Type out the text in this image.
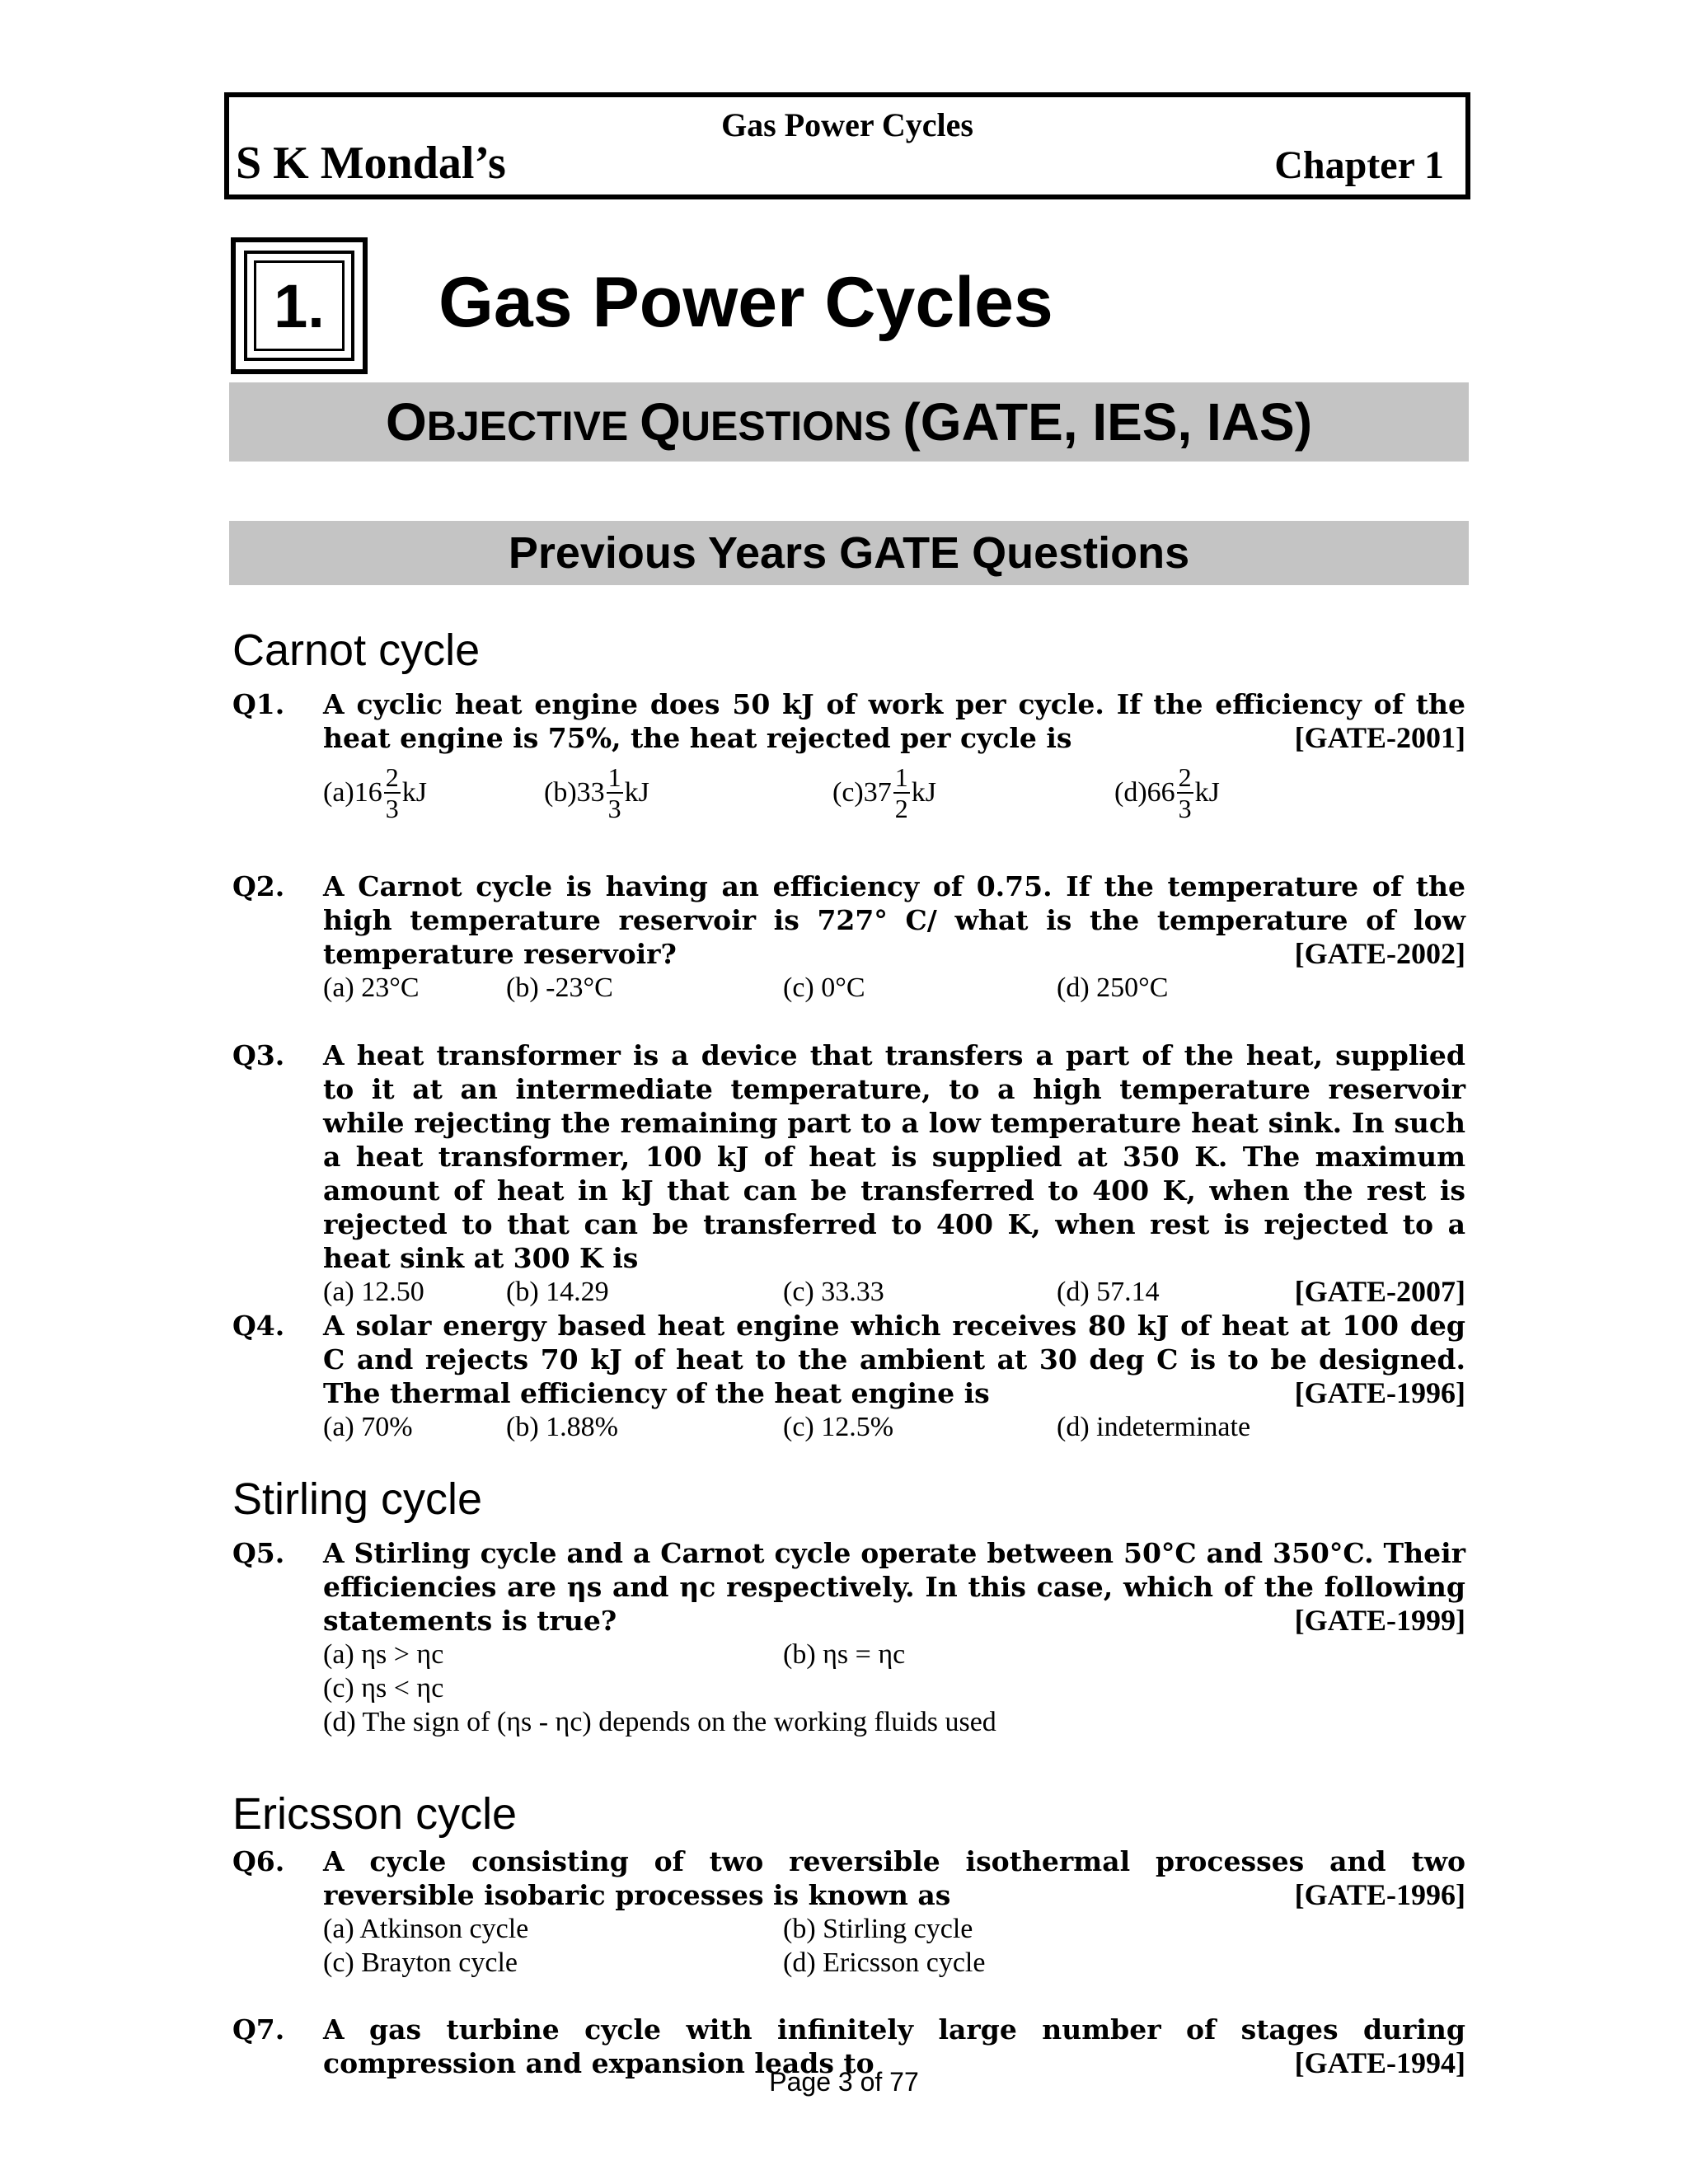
Gas Power Cycles
S K Mondal’s	Chapter 1
1. Gas Power Cycles
OBJECTIVE QUESTIONS (GATE, IES, IAS)
Previous Years GATE Questions
Carnot cycle
Q1. A cyclic heat engine does 50 kJ of work per cycle. If the efficiency of the heat engine is 75%, the heat rejected per cycle is	[GATE-2001]
$(a)16 \frac{2}{3}$ kJ	$(b)33 \frac{1}{3}$ kJ	$(c)37 \frac{1}{2}$ kJ	$(d)66 \frac{2}{3}$ kJ
Q2. A Carnot cycle is having an efficiency of 0.75. If the temperature of the high temperature reservoir is 727° C/ what is the temperature of low temperature reservoir?	[GATE-2002]
(a) 23°C	(b) -23°C	(c) 0°C	(d) 250°C
Q3. A heat transformer is a device that transfers a part of the heat, supplied to it at an intermediate temperature, to a high temperature reservoir while rejecting the remaining part to a low temperature heat sink. In such a heat transformer, 100 kJ of heat is supplied at 350 K. The maximum amount of heat in kJ that can be transferred to 400 K, when the rest is rejected to that can be transferred to 400 K, when rest is rejected to a heat sink at 300 K is
(a) 12.50	(b) 14.29	(c) 33.33	(d) 57.14	[GATE-2007]
Q4. A solar energy based heat engine which receives 80 kJ of heat at 100 deg C and rejects 70 kJ of heat to the ambient at 30 deg C is to be designed. The thermal efficiency of the heat engine is	[GATE-1996]
(a) 70%	(b) 1.88%	(c) 12.5%	(d) indeterminate
Stirling cycle
Q5. A Stirling cycle and a Carnot cycle operate between 50°C and 350°C. Their efficiencies are ηs and ηc respectively. In this case, which of the following statements is true?	[GATE-1999]
(a) ηs > ηc	(b) ηs = ηc
(c) ηs < ηc
(d) The sign of (ηs - ηc) depends on the working fluids used
Ericsson cycle
Q6. A cycle consisting of two reversible isothermal processes and two reversible isobaric processes is known as	[GATE-1996]
(a) Atkinson cycle	(b) Stirling cycle
(c) Brayton cycle	(d) Ericsson cycle
Q7. A gas turbine cycle with infinitely large number of stages during compression and expansion leads to	[GATE-1994]
Page 3 of 77
